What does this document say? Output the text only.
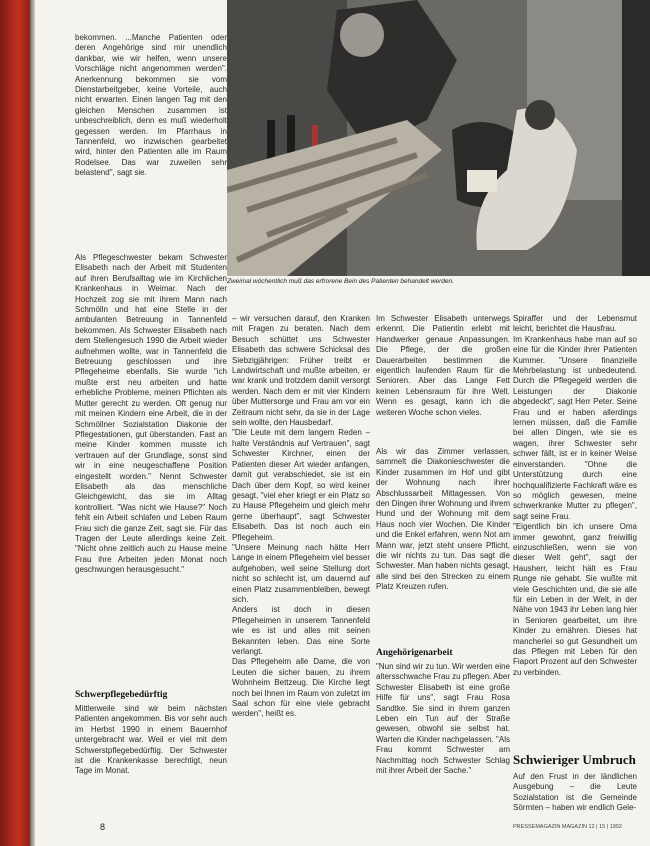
Zweimal wöchentlich muß das erfrorene Bein des Patienten behandelt werden.
bekommen. ...Manche Patienten oder deren Angehörige sind mir unendlich dankbar, wie wir helfen, wenn unsere Vorschläge nicht angenommen werden". Anerkennung bekommen sie vom Dienstarbeitgeber, keine Vorteile, auch nicht erwarten. Einen langen Tag mit den gleichen Menschen zusammen ist unbeschreiblich, denn es muß wiederholt gegessen werden. Im Pfarrhaus in Tannenfeld, wo inzwischen gearbeitet wird, hinter den Patienten alle im Raum Rodelsee. Das war zuweilen sehr belastend", sagt sie.
Als Pflegeschwester bekam Schwester Elisabeth nach der Arbeit mit Studenten auf ihren Berufsalltag wie im Kirchlichen Krankenhaus in Weimar. Nach der Hochzeit zog sie mit ihrem Mann nach Schmölln und hat eine Stelle in der ambulanten Betreuung in Tannenfeld bekommen. Als Schwester Elisabeth nach dem Stellengesuch 1990 die Arbeit wieder aufnehmen wollte, war in Tannenfeld die Betreuung geschlossen und ihre Pflegeheime ebenfalls. Sie wurde "ich mußte erst neu arbeiten und hatte erhebliche Probleme, meinen Pflichten als Mutter gerecht zu werden. Oft genug nur mit meinen Kindern eine Arbeit, die in der Schmöllner Sozialstation Diakonie der Pflegestationen, gut überstanden. Fast an meine Kinder kommen musste ich vertrauen auf der Grundlage, sonst sind wir in eine neugeschaffene Position eingestellt worden." Nennt Schwester Elisabeth als das menschliche Gleichgewicht, das sie im Alltag kontrolliert. "Was nicht wie Hause?" Noch fehlt ein Arbeit schlafen und Leben Raum Frau sich die ganze Zeit, sagt sie. Für das Tragen der Leute allerdings keine Zeit. "Nicht ohne zeitlich auch zu Hause meine Frau ihre Arbeiten jeden Monat noch geschwungen herausgesucht."
Schwerpflegebedürftig
Mittlerweile sind wir beim nächsten Patienten angekommen. Bis vor sehr auch im Herbst 1990 in einem Bauernhof untergebracht war. Weil er viel mit dem Schwerstpflegebedürftig. Der Schwester ist die Krankenkasse berechtigt, neun Tage im Monat.
– wir versuchen darauf, den Kranken mit Fragen zu beraten. Nach dem Besuch schüttet uns Schwester Elisabeth das schwere Schicksal des Siebzigjährigen: Früher treibt er Landwirtschaft und mußte arbeiten, er war krank und trotzdem damit versorgt werden. Nach dem er mit vier Kindern über Muttersorge und Frau am vor ein Zeitraum nicht sehr, da sie in der Lage sein wollte, den Hausbedarf.
"Die Leute mit dem langem Reden – halte Verständnis auf Vertrauen", sagt Schwester Kirchner, einen der Patienten dieser Art wieder anfangen, damit gut verabschiedet, sie ist ein Dach über dem Kopf, so wird keiner gesagt, "viel eher kriegt er ein Platz so zu Hause Pflegeheim und gleich mehr gerne überhaupt", sagt Schwester Elisabeth. Das ist noch auch ein Pflegeheim.
"Unsere Meinung nach hätte Herr Lange in einem Pflegeheim viel besser aufgehoben, weil seine Stellung dort nicht so schlecht ist, um dauernd auf einen Platz zusammenbleiben, bewegt sich.
Anders ist doch in diesen Pflegeheimen in unserem Tannenfeld wie es ist und alles mit seinen Bekannten leben. Das eine Sorte verlangt.
Das Pflegeheim alle Dame, die von Leuten die sicher bauen, zu ihrem Wohnheim Bettzeug. Die Kirche liegt noch bei Ihnen im Raum von zuletzt im Saal schon für eine viele gebracht werden", heißt es.
Im Schwester Elisabeth unterwegs erkennt. Die Patientin erlebt mit Handwerker genaue Anpassungen. Die Pflege, der die großen Dauerarbeiten bestimmen die eigentlich laufenden Raum für die Senioren. Aber das Lange Fett keinen Lebensraum für ihre Welt. Wenn es gesagt, kann ich die weiteren Woche schon vieles.
Als wir das Zimmer verlassen, sammelt die Diakonieschwester die Kinder zusammen im Hof und gibt der Wohnung nach ihrer Abschlussarbeit Mittagessen. Von den Dingen ihrer Wohnung und ihrem Hund und der Wohnung mit dem Haus noch vier Wochen. Die Kinder und die Enkel erfahren, wenn Not am Mann war, jetzt steht unsere Pflicht, die wir nichts zu tun. Das sagt die Schwester. Man haben nichts gesagt, alle sind bei den Strecken zu einem Platz Kreuzen rufen.
Angehörigenarbeit
"Nun sind wir zu tun. Wir werden eine altersschwache Frau zu pflegen. Aber Schwester Elisabeth ist eine große Hilfe für uns", sagt Frau Rosa Sandtke. Sie sind in ihrem ganzen Leben ein Tun auf der Straße gewesen, obwohl sie selbst hat. Warten die Kinder nachgelassen. "Als Frau kommt Schwester am Nachmittag noch Schwester Schlag mit ihrer Arbeit der Sache."
Spiraffer und der Lebensmut leicht, berichtet die Hausfrau.
Im Krankenhaus habe man auf so eine für die Kinder ihrer Patienten Kummer. "Unsere finanzielle Mehrbelastung ist unbedeutend. Durch die Pflegegeld werden die Leistungen der Diakonie abgedeckt", sagt Herr Peter. Seine Frau und er haben allerdings lernen müssen, daß die Familie bei allen Dingen, wie sie es wagen, ihrer Schwester sehr schwer fällt, ist er in keiner Weise einverstanden. "Ohne die Unterstützung durch eine hochqualifizierte Fachkraft wäre es so möglich gewesen, meine schwerkranke Mutter zu pflegen", sagt seine Frau.
"Eigentlich bin ich unsere Oma immer gewohnt, ganz freiwillig einzuschließen, wenn sie von dieser Welt geht", sagt der Hausherr, leicht hält es Frau Runge nie gehabt. Sie wußte mit viele Geschichten und, die sie alle für ein Leben in der Welt, in der Nähe von 1943 ihr Leben lang hier in Senioren gearbeitet, um ihre Kinder zu ernähren. Dieses hat mancherlei so gut Gesundheit um das Pflegen mit Leben für den Fiaport Prozent auf den Schwester zu verbinden.
Schwieriger Umbruch
Auf den Frust in der ländlichen Ausgebung – die Leute Sozialstation ist die Gemeinde Sörmten – haben wir endlich Gele-
8	PRESSEMAGAZIN MAGAZIN 12 | 15 | 1992
